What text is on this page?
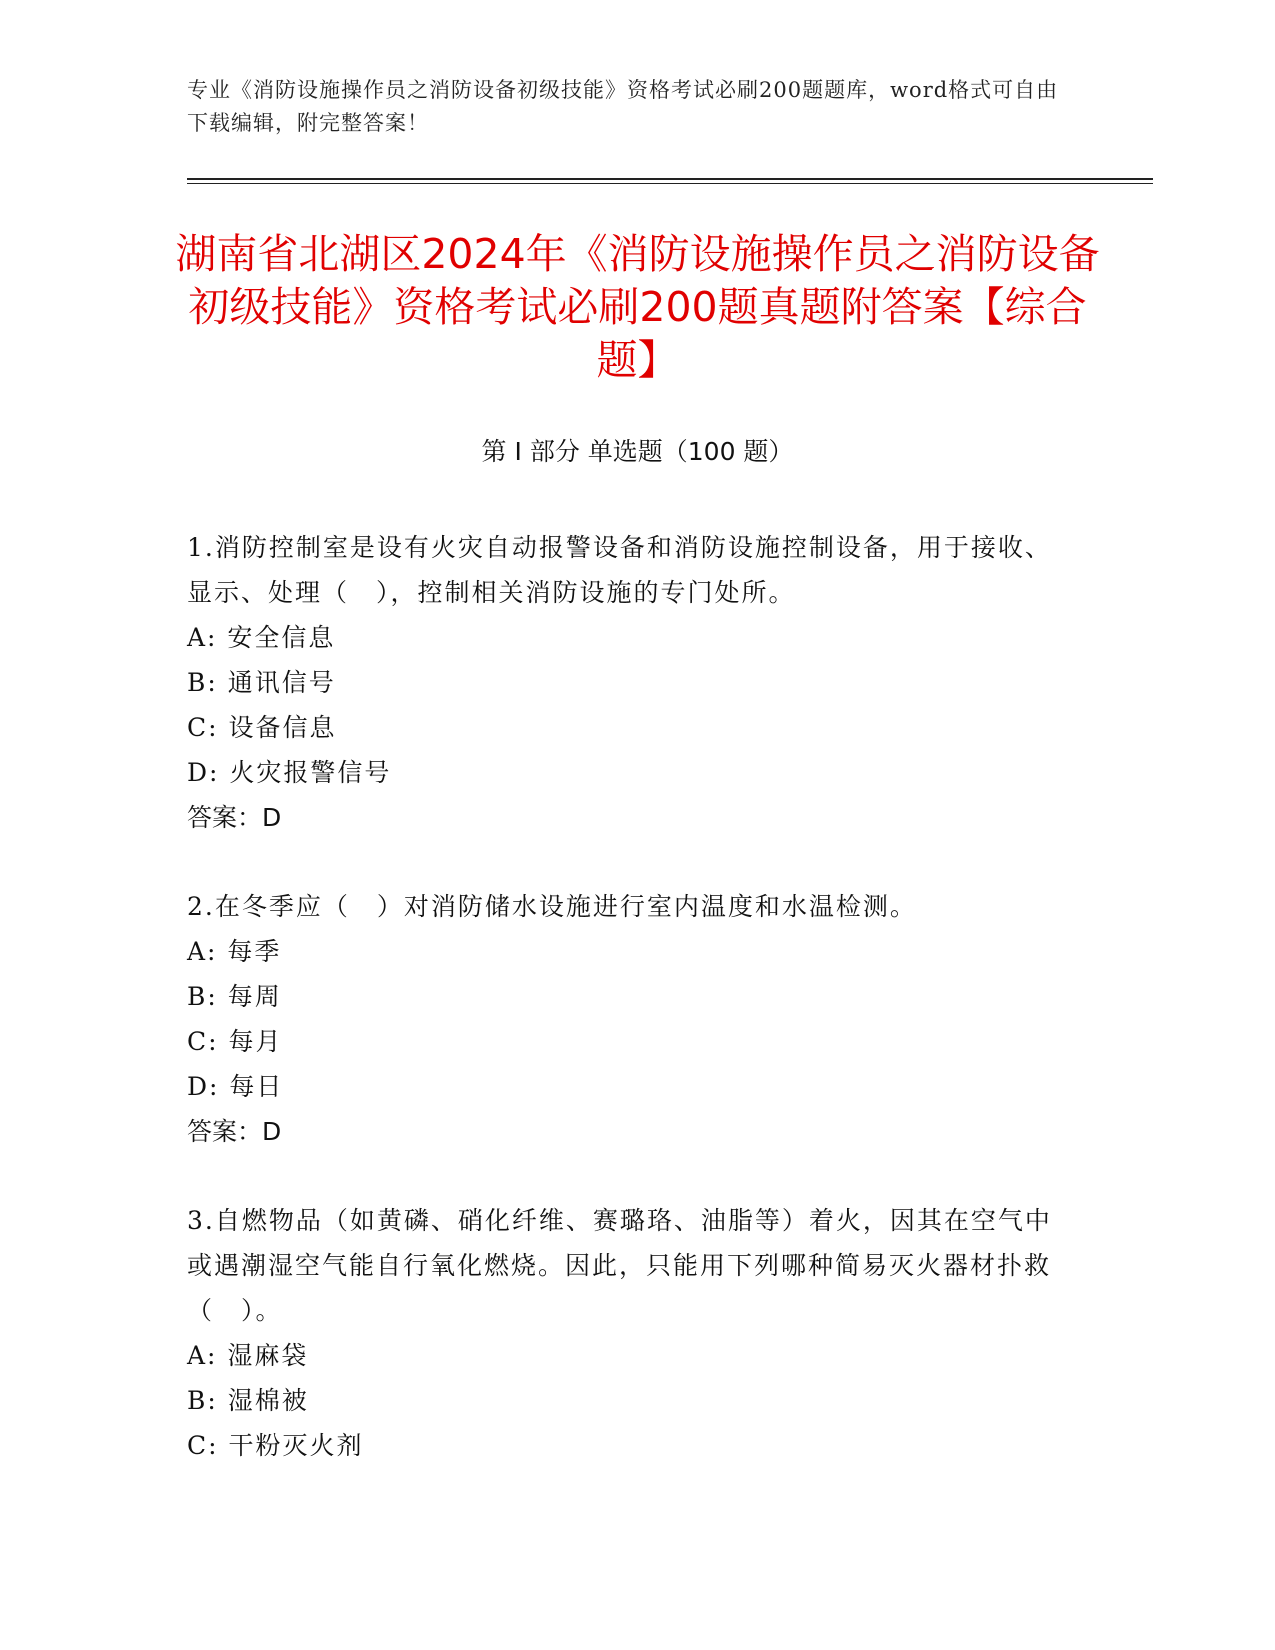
专业《消防设施操作员之消防设备初级技能》资格考试必刷200题题库，word格式可自由下载编辑，附完整答案！
湖南省北湖区2024年《消防设施操作员之消防设备初级技能》资格考试必刷200题真题附答案【综合题】
第 I 部分 单选题（100 题）

1.消防控制室是设有火灾自动报警设备和消防设施控制设备，用于接收、显示、处理（　），控制相关消防设施的专门处所。

A: 安全信息

B: 通讯信号

C: 设备信息

D: 火灾报警信号

答案：D

2.在冬季应（　）对消防储水设施进行室内温度和水温检测。

A: 每季

B: 每周

C: 每月

D: 每日

答案：D

3.自燃物品（如黄磷、硝化纤维、赛璐珞、油脂等）着火，因其在空气中或遇潮湿空气能自行氧化燃烧。因此，只能用下列哪种简易灭火器材扑救（　）。

A: 湿麻袋

B: 湿棉被

C: 干粉灭火剂
